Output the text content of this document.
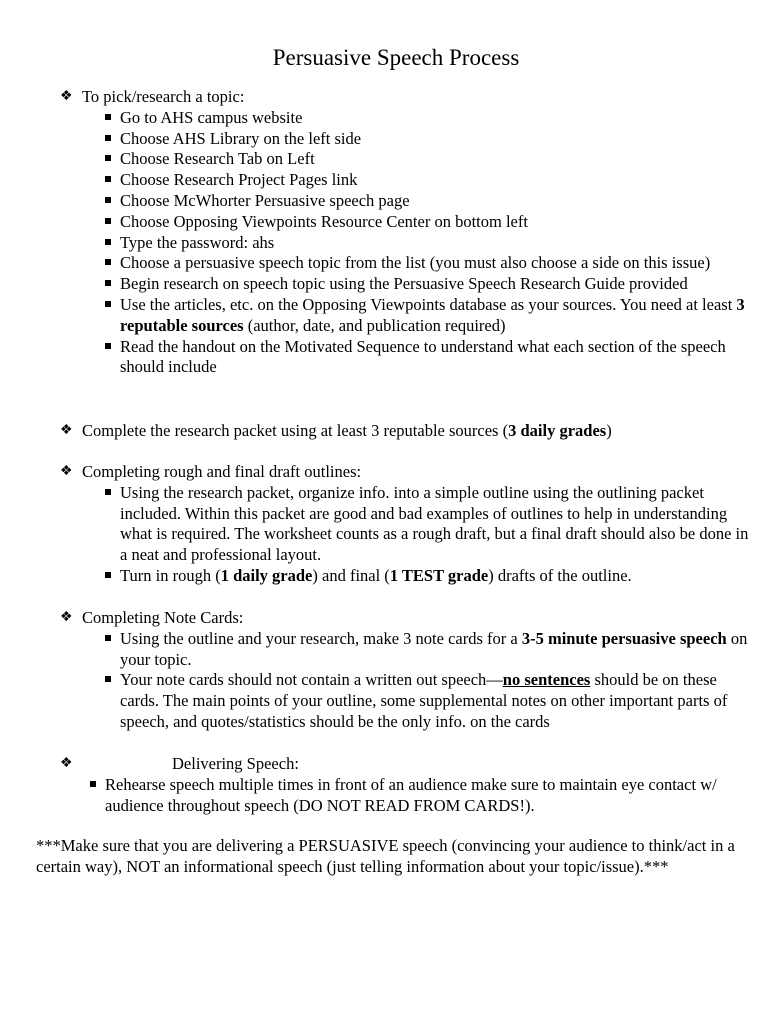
Persuasive Speech Process
❖ To pick/research a topic:
Go to AHS campus website
Choose AHS Library on the left side
Choose Research Tab on Left
Choose Research Project Pages link
Choose McWhorter Persuasive speech page
Choose Opposing Viewpoints Resource Center on bottom left
Type the password: ahs
Choose a persuasive speech topic from the list (you must also choose a side on this issue)
Begin research on speech topic using the Persuasive Speech Research Guide provided
Use the articles, etc. on the Opposing Viewpoints database as your sources. You need at least 3 reputable sources (author, date, and publication required)
Read the handout on the Motivated Sequence to understand what each section of the speech should include
❖ Complete the research packet using at least 3 reputable sources (3 daily grades)
❖ Completing rough and final draft outlines:
Using the research packet, organize info. into a simple outline using the outlining packet included. Within this packet are good and bad examples of outlines to help in understanding what is required. The worksheet counts as a rough draft, but a final draft should also be done in a neat and professional layout.
Turn in rough (1 daily grade) and final (1 TEST grade) drafts of the outline.
❖ Completing Note Cards:
Using the outline and your research, make 3 note cards for a 3-5 minute persuasive speech on your topic.
Your note cards should not contain a written out speech—no sentences should be on these cards. The main points of your outline, some supplemental notes on other important parts of speech, and quotes/statistics should be the only info. on the cards
❖	Delivering Speech:
Rehearse speech multiple times in front of an audience make sure to maintain eye contact w/ audience throughout speech (DO NOT READ FROM CARDS!).
***Make sure that you are delivering a PERSUASIVE speech (convincing your audience to think/act in a certain way), NOT an informational speech (just telling information about your topic/issue).***
